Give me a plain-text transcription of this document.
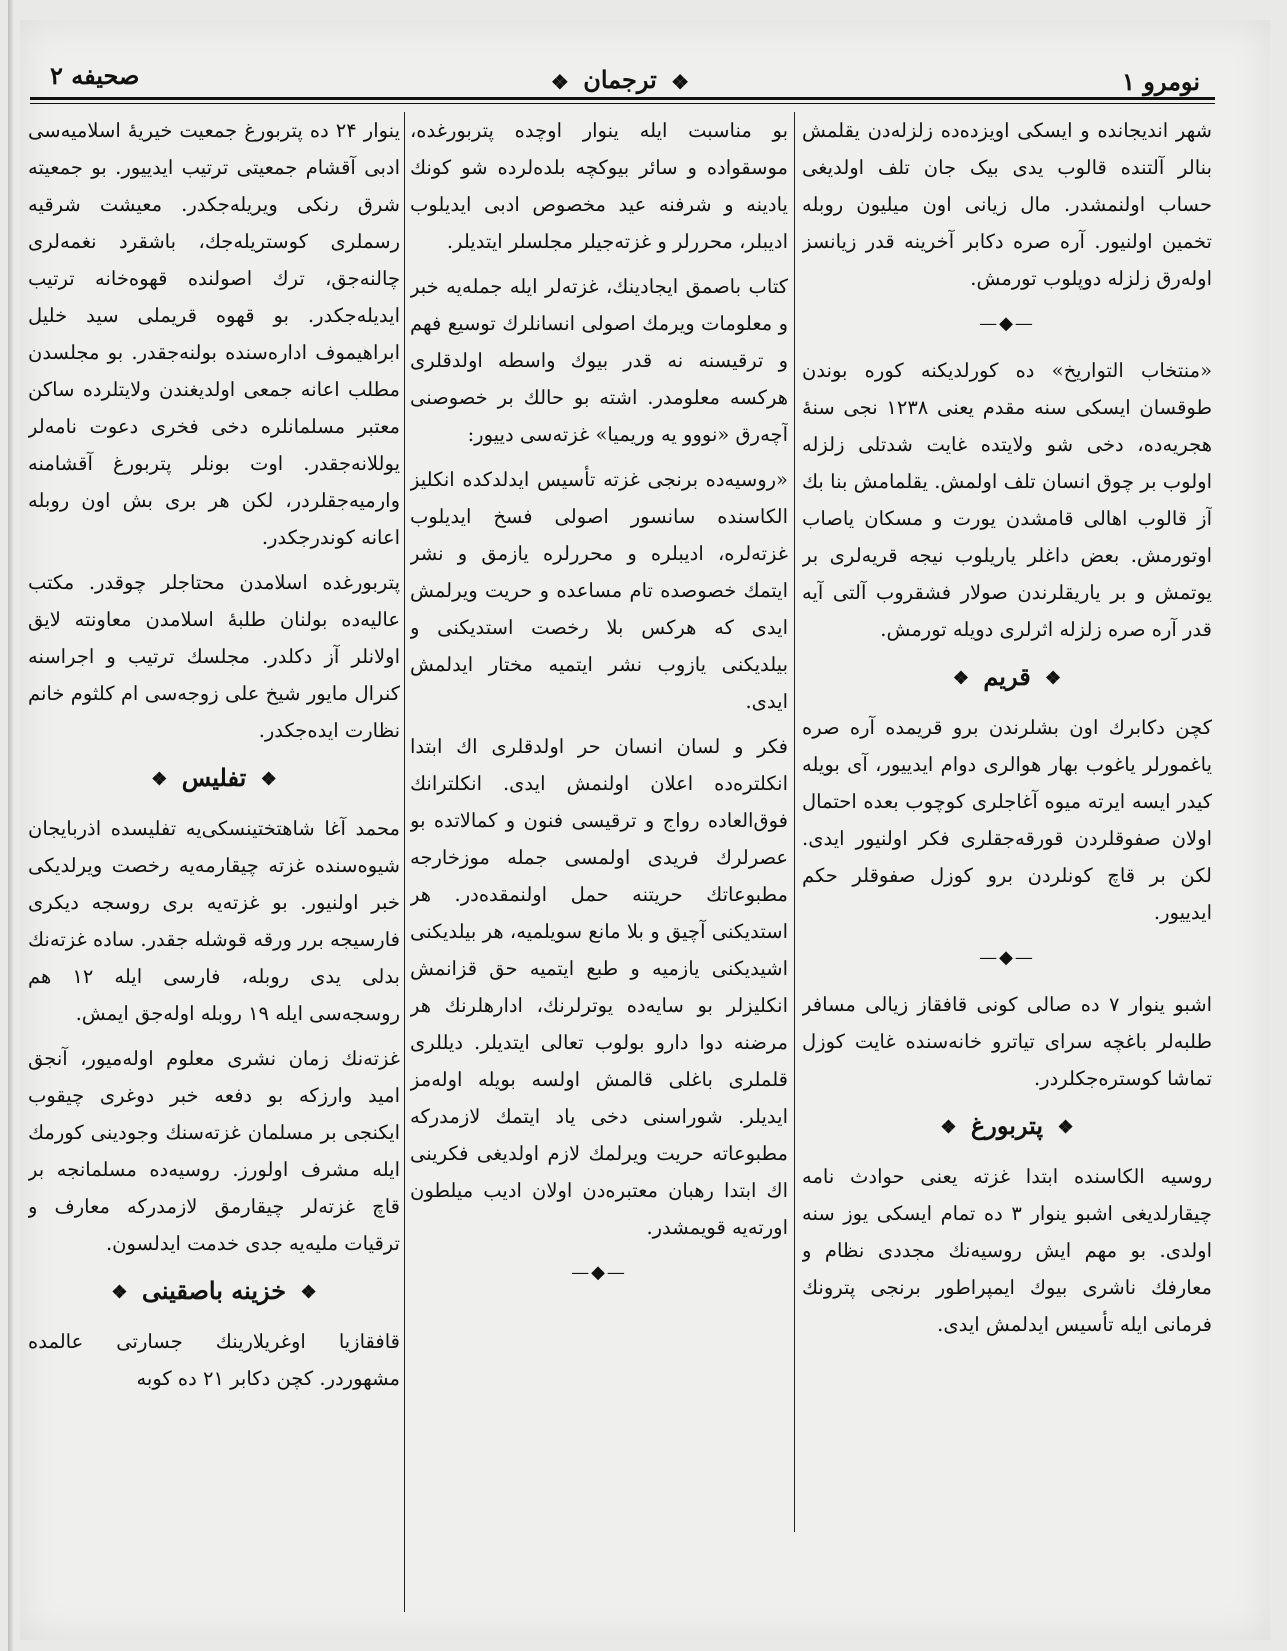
نومرو ۱
❖ ترجمان ❖
صحیفه ۲

شهر اندیجانده و ایسکی اویزده‌ده زلزله‌دن یقلمش بنالر آلتنده قالوب یدی بیک جان تلف اولدیغی حساب اولنمشدر. مال زیانی اون میلیون روبله تخمین اولنیور. آره صره دکابر آخرینه قدر زیانسز اوله‌رق زلزله دوپلوب تورمش.

—◆—

«منتخاب التواریخ» ده کورلدیکنه کوره بوندن طوقسان ایسکی سنه مقدم یعنی ۱۲۳۸ نجی سنهٔ هجریه‌ده، دخی شو ولایتده غایت شدتلی زلزله اولوب بر چوق انسان تلف اولمش. یقلمامش بنا بك آز قالوب اهالی قامشدن یورت و مسکان یاصاب اوتورمش. بعض داغلر یاریلوب نیجه قریه‌لری بر یوتمش و بر یاریقلرندن صولار فشقروب آلتی آیه قدر آره صره زلزله اثرلری دویله تورمش.

❖ قریم ❖

کچن دکابرك اون بشلرندن برو قریمده آره صره یاغمورلر یاغوب بهار هوالری دوام ایدییور، آی بویله کیدر ایسه ایرته میوه آغاجلری کوچوب بعده احتمال اولان صفوقلردن قورقه‌جقلری فکر اولنیور ایدی. لکن بر قاچ کونلردن برو کوزل صفوقلر حکم ایدییور.

—◆—

اشبو ینوار ۷ ده صالی کونی قافقاز زیالی مسافر طلبه‌لر باغچه سرای تیاترو خانه‌سنده غایت کوزل تماشا کوستره‌جکلردر.

❖ پتربورغ ❖

روسیه الکاسنده ابتدا غزته یعنی حوادث نامه چیقارلدیغی اشبو ینوار ۳ ده تمام ایسکی یوز سنه اولدی. بو مهم ایش روسیه‌نك مجددی نظام و معارفك ناشری بیوك ایمپراطور برنجی پترونك فرمانی ایله تأسیس ایدلمش ایدی.

بو مناسبت ایله ینوار اوچده پتربورغده، موسقواده و سائر بیوکچه بلده‌لرده شو کونك یادینه و شرفنه عید مخصوص ادبی ایدیلوب ادیبلر، محررلر و غزته‌جیلر مجلسلر ایتدیلر.

کتاب باصمق ایجادینك، غزته‌لر ایله جمله‌یه خبر و معلومات ویرمك اصولی انسانلرك توسیع فهم و ترقیسنه نه قدر بیوك واسطه اولدقلری هرکسه معلومدر. اشته بو حالك بر خصوصنی آچه‌رق «نووو یه وریمیا» غزته‌سی دییور:

«روسیه‌ده برنجی غزته تأسیس ایدلدکده انکلیز الکاسنده سانسور اصولی فسخ ایدیلوب غزته‌لره، ادیبلره و محررلره یازمق و نشر ایتمك خصوصده تام مساعده و حریت ویرلمش ایدی که هرکس بلا رخصت استدیکنی و بیلدیکنی یازوب نشر ایتمیه مختار ایدلمش ایدی.

فکر و لسان انسان حر اولدقلری اك ابتدا انکلتره‌ده اعلان اولنمش ایدی. انکلترانك فوق‌العاده رواج و ترقیسی فنون و کمالاتده بو عصرلرك فریدی اولمسی جمله موزخارجه مطبوعاتك حریتنه حمل اولنمقده‌در. هر استدیکنی آچیق و بلا مانع سویلمیه، هر بیلدیکنی اشیدیکنی یازمیه و طبع ایتمیه حق قزانمش انکلیزلر بو سایه‌ده یوترلرنك، ادارهلرنك هر مرضنه دوا دارو بولوب تعالی ایتدیلر. دیللری قلملری باغلی قالمش اولسه بویله اوله‌مز ایدیلر. شوراسنی دخی یاد ایتمك لازمدرکه مطبوعاته حریت ویرلمك لازم اولدیغی فکرینی اك ابتدا رهبان معتبره‌دن اولان ادیب میلطون اورته‌یه قویمشدر.

—◆—

ینوار ۲۴ ده پتربورغ جمعیت خیریهٔ اسلامیه‌سی ادبی آقشام جمعیتی ترتیب ایدییور. بو جمعیته شرق رنکی ویریله‌جکدر. معیشت شرقیه رسملری کوستریله‌جك، باشقرد نغمه‌لری چالنه‌جق، ترك اصولنده قهوه‌خانه ترتیب ایدیله‌جکدر. بو قهوه قریملی سید خلیل ابراهیموف اداره‌سنده بولنه‌جقدر. بو مجلسدن مطلب اعانه جمعی اولدیغندن ولایتلرده ساکن معتبر مسلمانلره دخی فخری دعوت نامه‌لر یوللانه‌جقدر. اوت بونلر پتربورغ آقشامنه وارمیه‌جقلردر، لکن هر بری بش اون روبله اعانه کوندرجکدر.

پتربورغده اسلامدن محتاجلر چوقدر. مکتب عالیه‌ده بولنان طلبهٔ اسلامدن معاونته لایق اولانلر آز دکلدر. مجلسك ترتیب و اجراسنه کنرال مایور شیخ علی زوجه‌سی ام کلثوم خانم نظارت ایده‌جکدر.

❖ تفلیس ❖

محمد آغا شاهتختینسکی‌یه تفلیسده اذربایجان شیوه‌سنده غزته چیقارمه‌یه رخصت ویرلدیکی خبر اولنیور. بو غزته‌یه بری روسجه دیکری فارسیجه برر ورقه قوشله جقدر. ساده غزته‌نك بدلی یدی روبله، فارسی ایله ۱۲ هم روسجه‌سی ایله ۱۹ روبله اوله‌جق ایمش.

غزته‌نك زمان نشری معلوم اوله‌میور، آنجق امید وارزکه بو دفعه خبر دوغری چیقوب ایکنجی بر مسلمان غزته‌سنك وجودینی کورمك ایله مشرف اولورز. روسیه‌ده مسلمانجه بر قاچ غزته‌لر چیقارمق لازمدرکه معارف و ترقیات ملیه‌یه جدی خدمت ایدلسون.

❖ خزینه باصقینی ❖

قافقازیا اوغریلارینك جسارتی عالمده مشهوردر. کچن دکابر ۲۱ ده کوبه
